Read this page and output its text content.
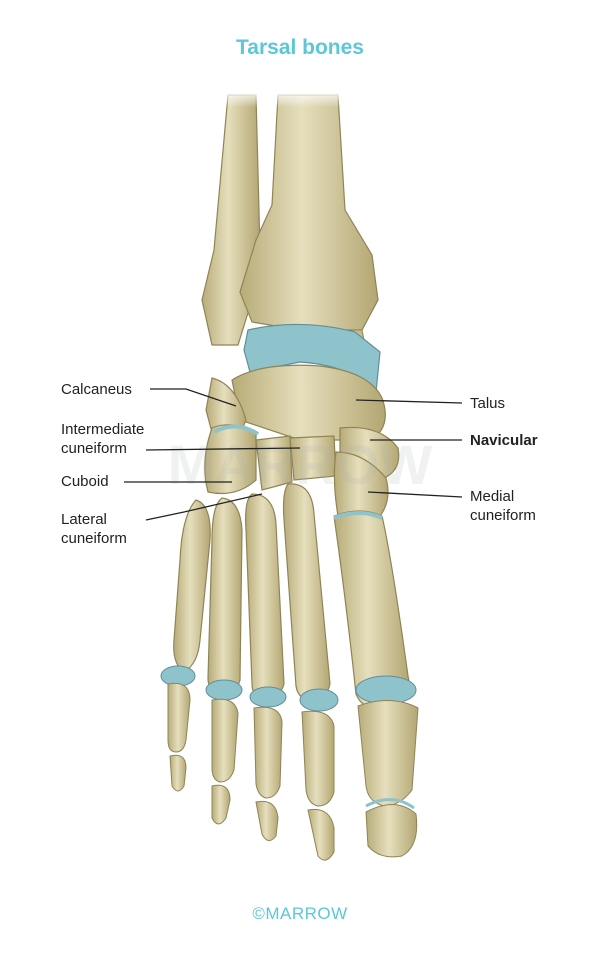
Tarsal bones
MARROW
Calcaneus
Intermediate
cuneiform
Cuboid
Lateral
cuneiform
Talus
Navicular
Medial
cuneiform
©MARROW
